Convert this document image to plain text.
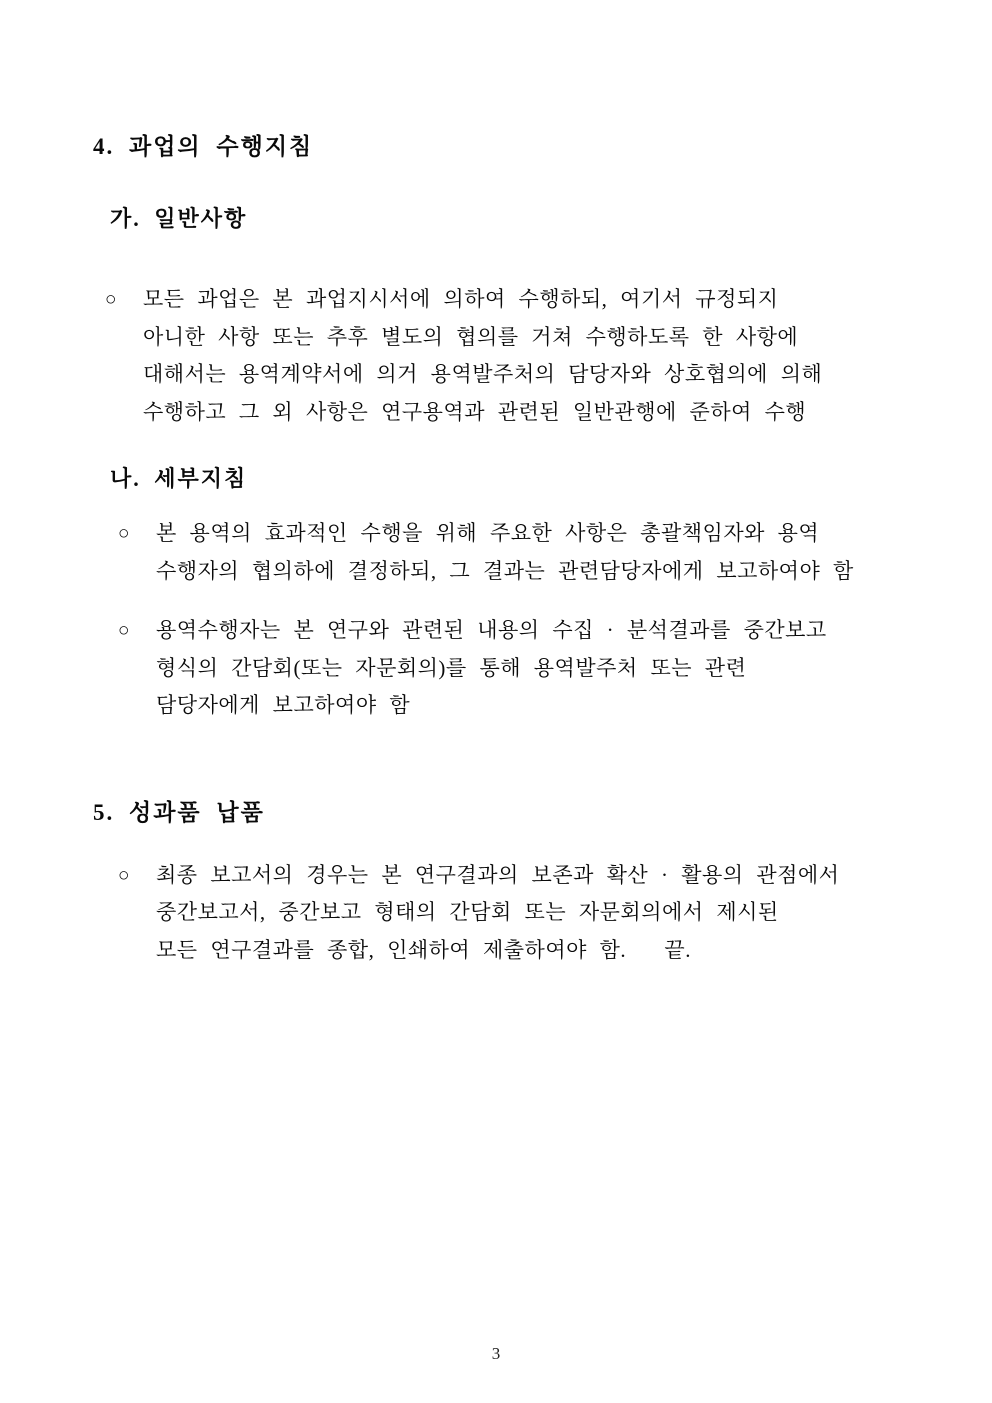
4. 과업의 수행지침
가. 일반사항
○	모든 과업은 본 과업지시서에 의하여 수행하되, 여기서 규정되지
아니한 사항 또는 추후 별도의 협의를 거쳐 수행하도록 한 사항에
대해서는 용역계약서에 의거 용역발주처의 담당자와 상호협의에 의해
수행하고 그 외 사항은 연구용역과 관련된 일반관행에 준하여 수행
나. 세부지침
○	본 용역의 효과적인 수행을 위해 주요한 사항은 총괄책임자와 용역
수행자의 협의하에 결정하되, 그 결과는 관련담당자에게 보고하여야 함
○	용역수행자는 본 연구와 관련된 내용의 수집 · 분석결과를 중간보고
형식의 간담회(또는 자문회의)를 통해 용역발주처 또는 관련
담당자에게 보고하여야 함
5. 성과품 납품
○	최종 보고서의 경우는 본 연구결과의 보존과 확산 · 활용의 관점에서
중간보고서, 중간보고 형태의 간담회 또는 자문회의에서 제시된
모든 연구결과를 종합, 인쇄하여 제출하여야 함.   끝.
3
